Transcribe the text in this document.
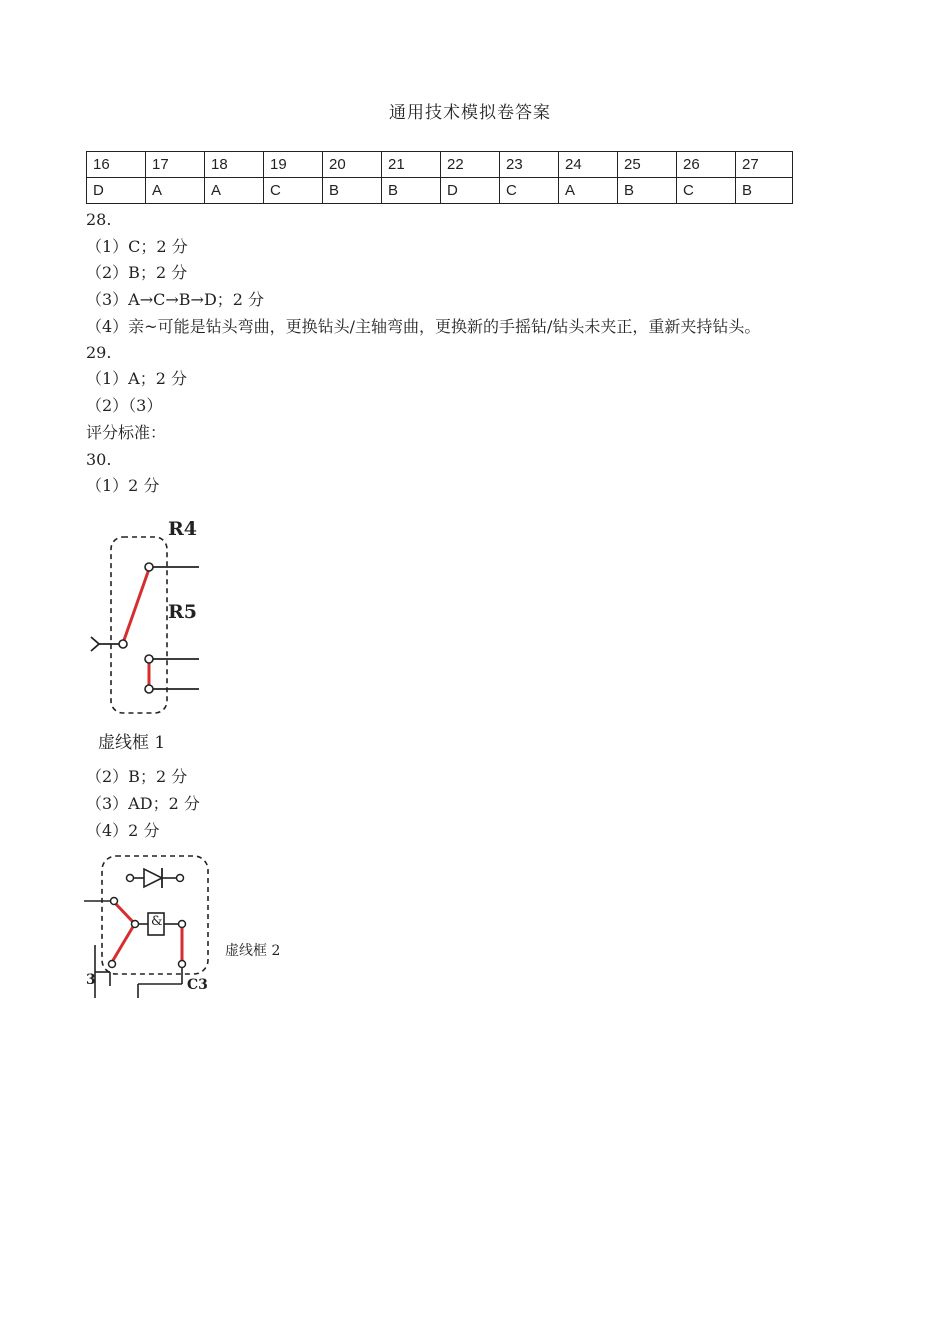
通用技术模拟卷答案
16	17	18	19	20	21	22	23	24	25	26	27
D	A	A	C	B	B	D	C	A	B	C	B
28.
（1）C；2 分
（2）B；2 分
（3）A→C→B→D；2 分
（4）亲~可能是钻头弯曲，更换钻头/主轴弯曲，更换新的手摇钻/钻头未夹正，重新夹持钻头。
29.
（1）A；2 分
（2）（3）
评分标准：
30.
（1）2 分
R4
R5
虚线框 1
（2）B；2 分
（3）AD；2 分
（4）2 分
&
3	C3
虚线框 2
